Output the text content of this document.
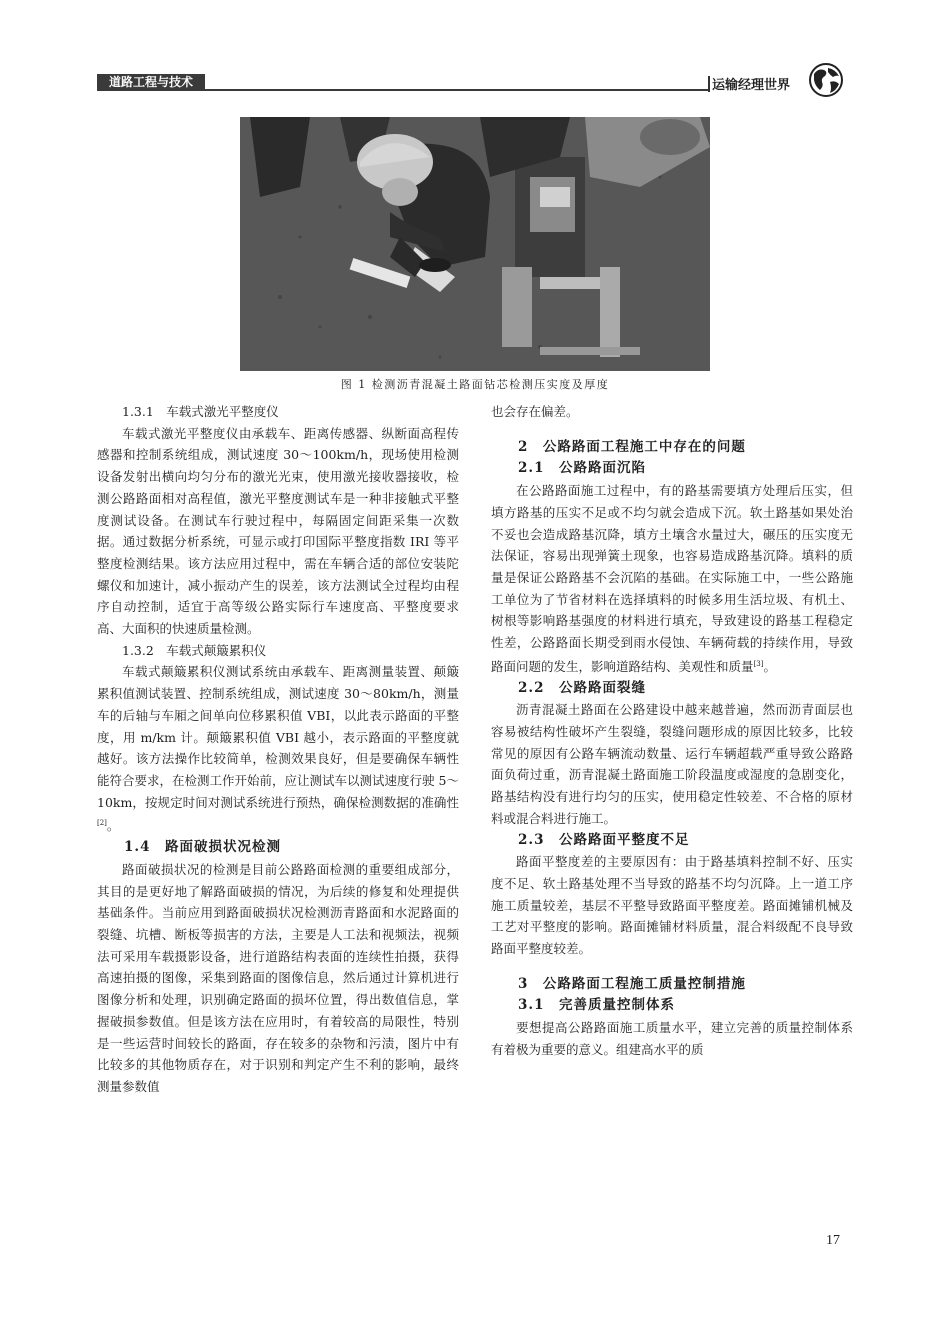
道路工程与技术	运输经理世界
图 1 检测沥青混凝土路面钻芯检测压实度及厚度
1.3.1　车载式激光平整度仪

车载式激光平整度仪由承载车、距离传感器、纵断面高程传感器和控制系统组成，测试速度 30～100km/h，现场使用检测设备发射出横向均匀分布的激光光束，使用激光接收器接收，检测公路路面相对高程值，激光平整度测试车是一种非接触式平整度测试设备。在测试车行驶过程中，每隔固定间距采集一次数据。通过数据分析系统，可显示或打印国际平整度指数 IRI 等平整度检测结果。该方法应用过程中，需在车辆合适的部位安装陀螺仪和加速计，减小振动产生的误差，该方法测试全过程均由程序自动控制，适宜于高等级公路实际行车速度高、平整度要求高、大面积的快速质量检测。

1.3.2　车载式颠簸累积仪

车载式颠簸累积仪测试系统由承载车、距离测量装置、颠簸累积值测试装置、控制系统组成，测试速度 30～80km/h，测量车的后轴与车厢之间单向位移累积值 VBI，以此表示路面的平整度，用 m/km 计。颠簸累积值 VBI 越小，表示路面的平整度就越好。该方法操作比较简单，检测效果良好，但是要确保车辆性能符合要求，在检测工作开始前，应让测试车以测试速度行驶 5～10km，按规定时间对测试系统进行预热，确保检测数据的准确性[2]。

1.4　路面破损状况检测

路面破损状况的检测是目前公路路面检测的重要组成部分，其目的是更好地了解路面破损的情况，为后续的修复和处理提供基础条件。当前应用到路面破损状况检测沥青路面和水泥路面的裂缝、坑槽、断板等损害的方法，主要是人工法和视频法，视频法可采用车载摄影设备，进行道路结构表面的连续性拍摄，获得高速拍摄的图像，采集到路面的图像信息，然后通过计算机进行图像分析和处理，识别确定路面的损坏位置，得出数值信息，掌握破损参数值。但是该方法在应用时，有着较高的局限性，特别是一些运营时间较长的路面，存在较多的杂物和污渍，图片中有比较多的其他物质存在，对于识别和判定产生不利的影响，最终测量参数值

也会存在偏差。

2　公路路面工程施工中存在的问题
2.1　公路路面沉陷

在公路路面施工过程中，有的路基需要填方处理后压实，但填方路基的压实不足或不均匀就会造成下沉。软土路基如果处治不妥也会造成路基沉降，填方土壤含水量过大，碾压的压实度无法保证，容易出现弹簧土现象，也容易造成路基沉降。填料的质量是保证公路路基不会沉陷的基础。在实际施工中，一些公路施工单位为了节省材料在选择填料的时候多用生活垃圾、有机土、树根等影响路基强度的材料进行填充，导致建设的路基工程稳定性差，公路路面长期受到雨水侵蚀、车辆荷载的持续作用，导致路面问题的发生，影响道路结构、美观性和质量[3]。

2.2　公路路面裂缝

沥青混凝土路面在公路建设中越来越普遍，然而沥青面层也容易被结构性破坏产生裂缝，裂缝问题形成的原因比较多，比较常见的原因有公路车辆流动数量、运行车辆超载严重导致公路路面负荷过重，沥青混凝土路面施工阶段温度或湿度的急剧变化，路基结构没有进行均匀的压实，使用稳定性较差、不合格的原材料或混合料进行施工。

2.3　公路路面平整度不足

路面平整度差的主要原因有：由于路基填料控制不好、压实度不足、软土路基处理不当导致的路基不均匀沉降。上一道工序施工质量较差，基层不平整导致路面平整度差。路面摊铺机械及工艺对平整度的影响。路面摊铺材料质量，混合料级配不良导致路面平整度较差。

3　公路路面工程施工质量控制措施
3.1　完善质量控制体系

要想提高公路路面施工质量水平，建立完善的质量控制体系有着极为重要的意义。组建高水平的质

17
